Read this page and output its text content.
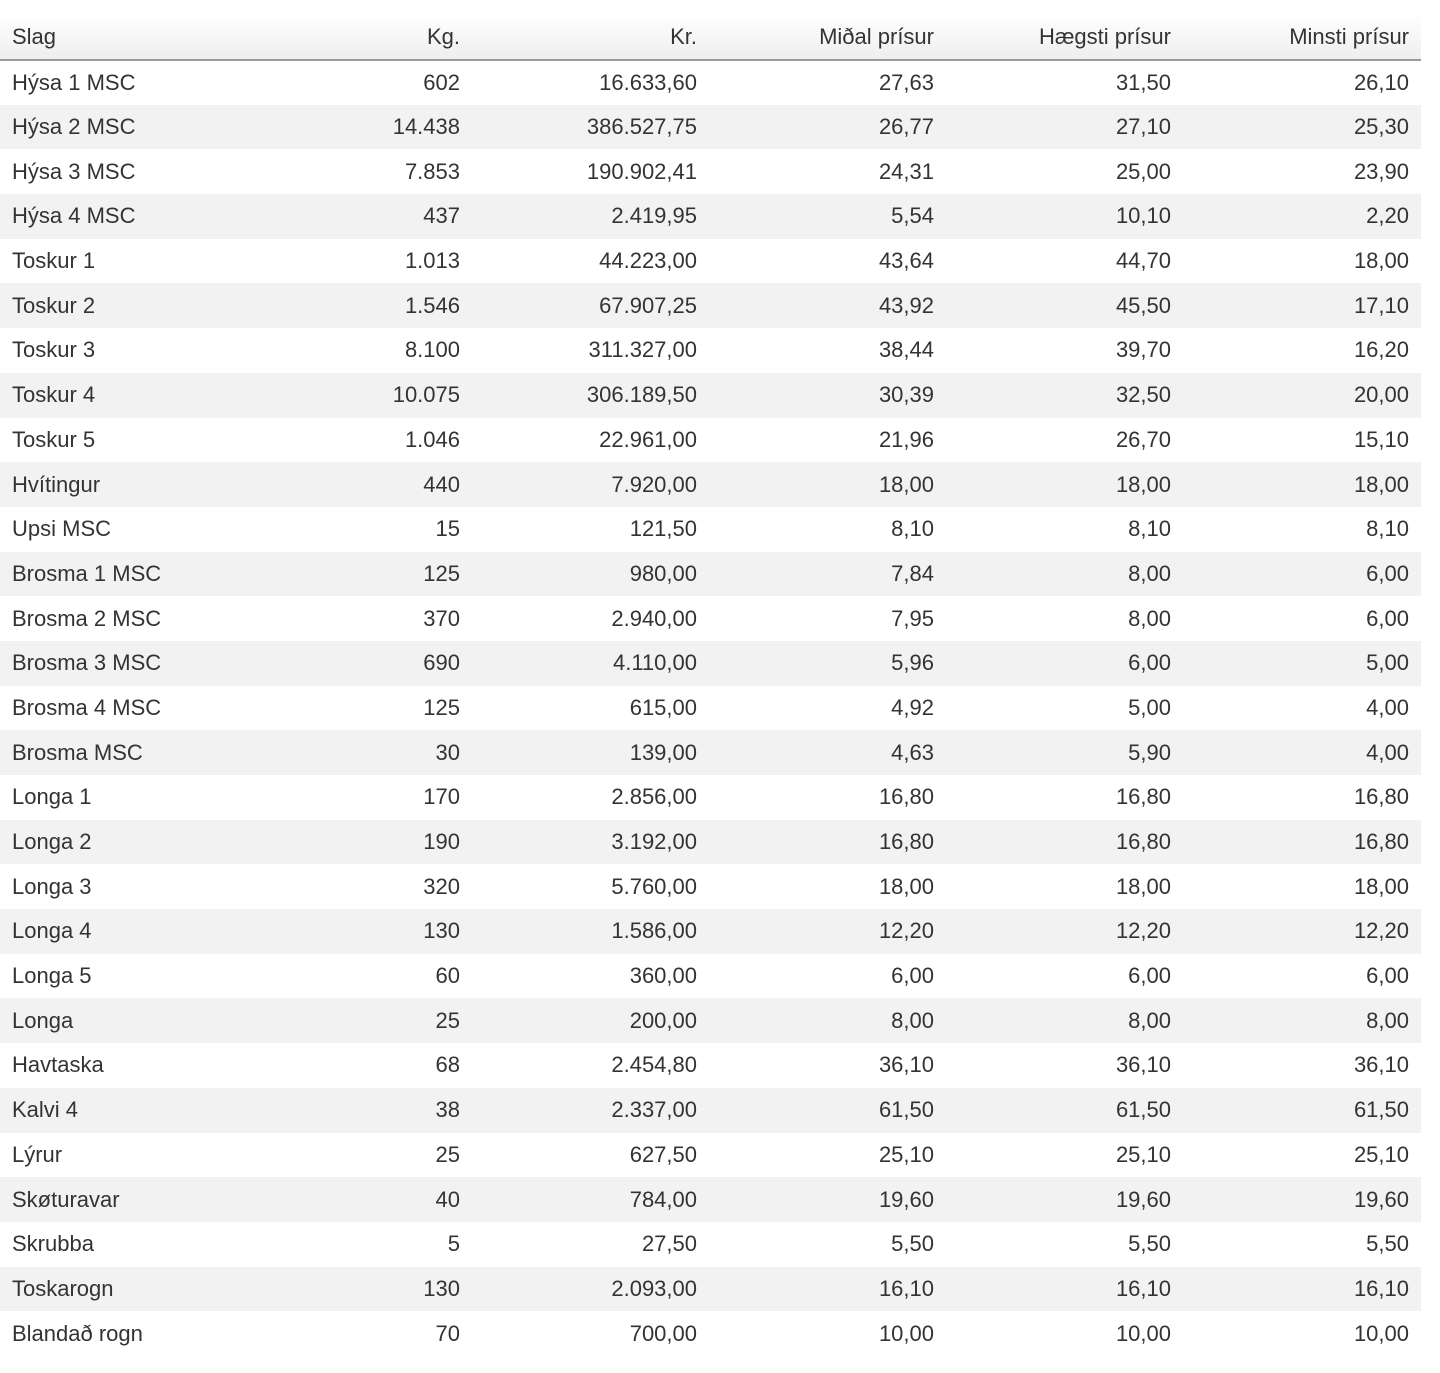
Slag	Kg.	Kr.	Miðal prísur	Hægsti prísur	Minsti prísur
Hýsa 1 MSC	602	16.633,60	27,63	31,50	26,10
Hýsa 2 MSC	14.438	386.527,75	26,77	27,10	25,30
Hýsa 3 MSC	7.853	190.902,41	24,31	25,00	23,90
Hýsa 4 MSC	437	2.419,95	5,54	10,10	2,20
Toskur 1	1.013	44.223,00	43,64	44,70	18,00
Toskur 2	1.546	67.907,25	43,92	45,50	17,10
Toskur 3	8.100	311.327,00	38,44	39,70	16,20
Toskur 4	10.075	306.189,50	30,39	32,50	20,00
Toskur 5	1.046	22.961,00	21,96	26,70	15,10
Hvítingur	440	7.920,00	18,00	18,00	18,00
Upsi MSC	15	121,50	8,10	8,10	8,10
Brosma 1 MSC	125	980,00	7,84	8,00	6,00
Brosma 2 MSC	370	2.940,00	7,95	8,00	6,00
Brosma 3 MSC	690	4.110,00	5,96	6,00	5,00
Brosma 4 MSC	125	615,00	4,92	5,00	4,00
Brosma MSC	30	139,00	4,63	5,90	4,00
Longa 1	170	2.856,00	16,80	16,80	16,80
Longa 2	190	3.192,00	16,80	16,80	16,80
Longa 3	320	5.760,00	18,00	18,00	18,00
Longa 4	130	1.586,00	12,20	12,20	12,20
Longa 5	60	360,00	6,00	6,00	6,00
Longa	25	200,00	8,00	8,00	8,00
Havtaska	68	2.454,80	36,10	36,10	36,10
Kalvi 4	38	2.337,00	61,50	61,50	61,50
Lýrur	25	627,50	25,10	25,10	25,10
Skøturavar	40	784,00	19,60	19,60	19,60
Skrubba	5	27,50	5,50	5,50	5,50
Toskarogn	130	2.093,00	16,10	16,10	16,10
Blandað rogn	70	700,00	10,00	10,00	10,00
